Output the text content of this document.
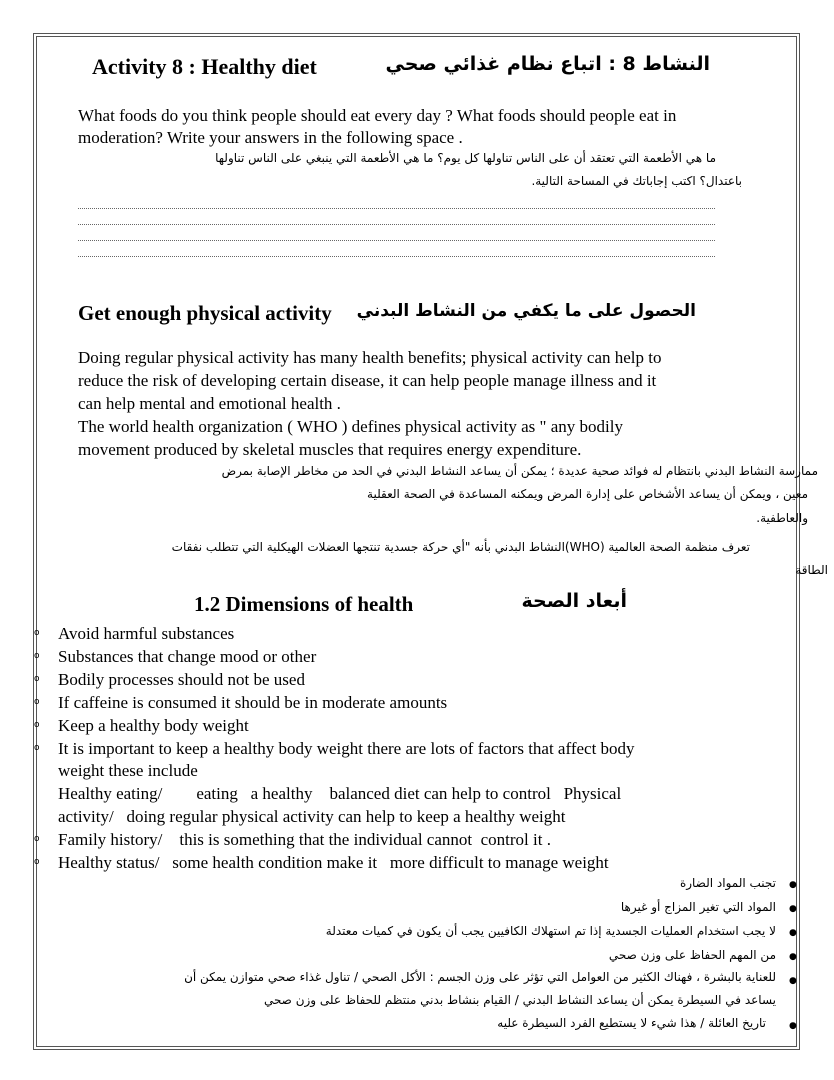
Activity 8 : Healthy diet	النشاط 8 : اتباع نظام غذائي صحي
What foods do you think people should eat every day ? What foods should people eat in
moderation? Write your answers in the following space .
ما هي الأطعمة التي تعتقد أن على الناس تناولها كل يوم؟ ما هي الأطعمة التي ينبغي على الناس تناولها
باعتدال؟ اكتب إجاباتك في المساحة التالية.
Get enough physical activity الحصول على ما يكفي من النشاط البدني
Doing regular physical activity has many health benefits; physical activity can help to
reduce the risk of developing certain disease, it can help people manage illness and it
can help mental and emotional health .
The world health organization ( WHO ) defines physical activity as " any bodily
movement produced by skeletal muscles that requires energy expenditure.
ممارسة النشاط البدني بانتظام له فوائد صحية عديدة ؛ يمكن أن يساعد النشاط البدني في الحد من مخاطر الإصابة بمرض
معين ، ويمكن أن يساعد الأشخاص على إدارة المرض ويمكنه المساعدة في الصحة العقلية
والعاطفية.
تعرف منظمة الصحة العالمية (WHO)النشاط البدني بأنه "أي حركة جسدية تنتجها العضلات الهيكلية التي تتطلب نفقات
الطاقة
1.2 Dimensions of health	أبعاد الصحة
o Avoid harmful substances
o Substances that change mood or other
o Bodily processes should not be used
o If caffeine is consumed it should be in moderate amounts
o Keep a healthy body weight
o It is important to keep a healthy body weight there are lots of factors that affect body
weight these include
Healthy eating/        eating   a healthy    balanced diet can help to control   Physical
activity/   doing regular physical activity can help to keep a healthy weight
o Family history/    this is something that the individual cannot  control it .
o Healthy status/   some health condition make it   more difficult to manage weight
●
تجنب المواد الضارة
●
المواد التي تغير المزاج أو غيرها
●
لا يجب استخدام العمليات الجسدية إذا تم استهلاك الكافيين يجب أن يكون في كميات معتدلة
●
من المهم الحفاظ على وزن صحي
●
للعناية بالبشرة ، فهناك الكثير من العوامل التي تؤثر على وزن الجسم : الأكل الصحي / تناول غذاء صحي متوازن يمكن أن
يساعد في السيطرة يمكن أن يساعد النشاط البدني / القيام بنشاط بدني منتظم للحفاظ على وزن صحي
●
تاريخ العائلة / هذا شيء لا يستطيع الفرد السيطرة عليه
